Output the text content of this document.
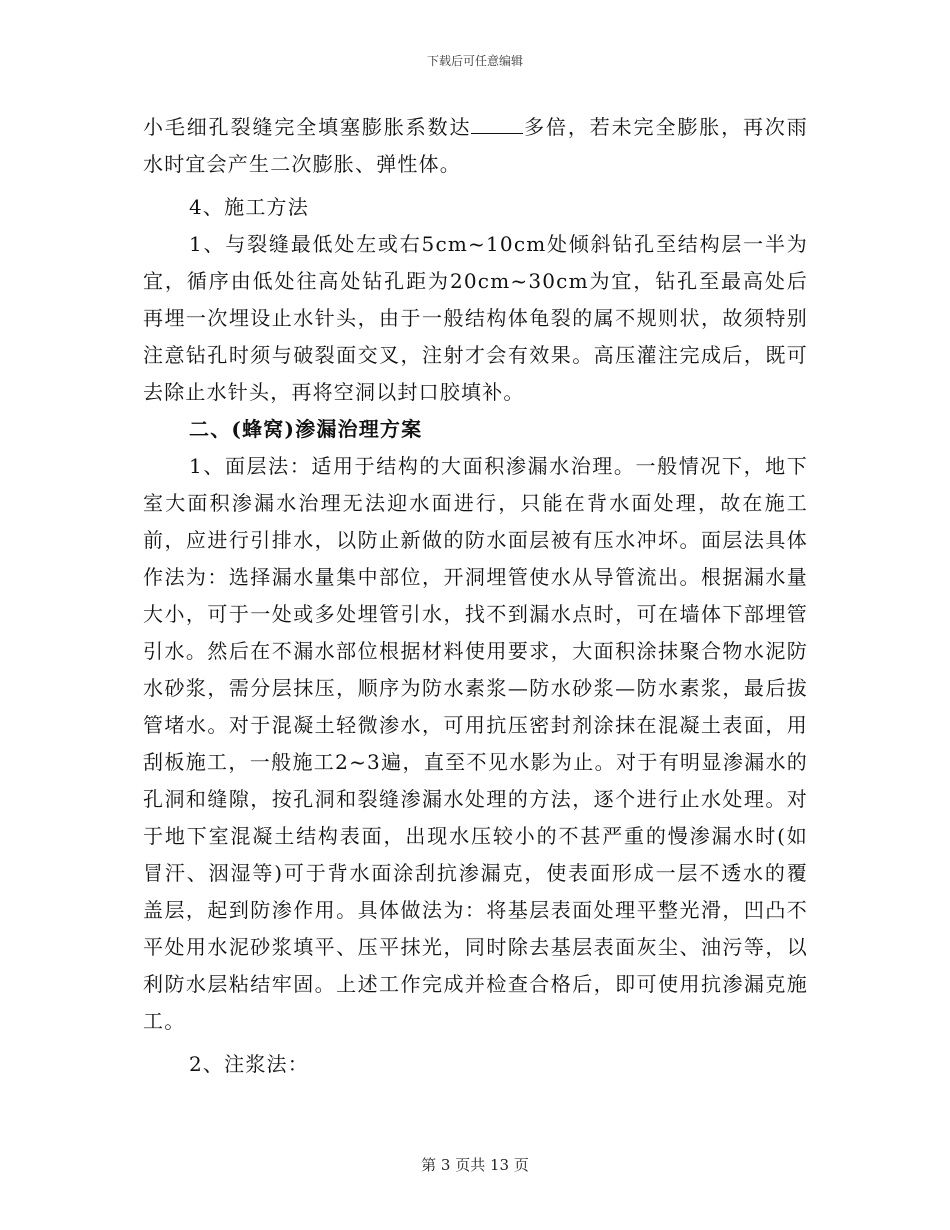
下载后可任意编辑

小毛细孔裂缝完全填塞膨胀系数达	多倍，若未完全膨胀，再次雨水时宜会产生二次膨胀、弹性体。

4、施工方法

1、与裂缝最低处左或右5cm~10cm处倾斜钻孔至结构层一半为宜，循序由低处往高处钻孔距为20cm~30cm为宜，钻孔至最高处后再埋一次埋设止水针头，由于一般结构体龟裂的属不规则状，故须特别注意钻孔时须与破裂面交叉，注射才会有效果。高压灌注完成后，既可去除止水针头，再将空洞以封口胶填补。

二、(蜂窝)渗漏治理方案

1、面层法：适用于结构的大面积渗漏水治理。一般情况下，地下室大面积渗漏水治理无法迎水面进行，只能在背水面处理，故在施工前，应进行引排水，以防止新做的防水面层被有压水冲坏。面层法具体作法为：选择漏水量集中部位，开洞埋管使水从导管流出。根据漏水量大小，可于一处或多处埋管引水，找不到漏水点时，可在墙体下部埋管引水。然后在不漏水部位根据材料使用要求，大面积涂抹聚合物水泥防水砂浆，需分层抹压，顺序为防水素浆—防水砂浆—防水素浆，最后拔管堵水。对于混凝土轻微渗水，可用抗压密封剂涂抹在混凝土表面，用刮板施工，一般施工2~3遍，直至不见水影为止。对于有明显渗漏水的孔洞和缝隙，按孔洞和裂缝渗漏水处理的方法，逐个进行止水处理。对于地下室混凝土结构表面，出现水压较小的不甚严重的慢渗漏水时(如冒汗、洇湿等)可于背水面涂刮抗渗漏克，使表面形成一层不透水的覆盖层，起到防渗作用。具体做法为：将基层表面处理平整光滑，凹凸不平处用水泥砂浆填平、压平抹光，同时除去基层表面灰尘、油污等，以利防水层粘结牢固。上述工作完成并检查合格后，即可使用抗渗漏克施工。

2、注浆法：

第 3 页共 13 页
